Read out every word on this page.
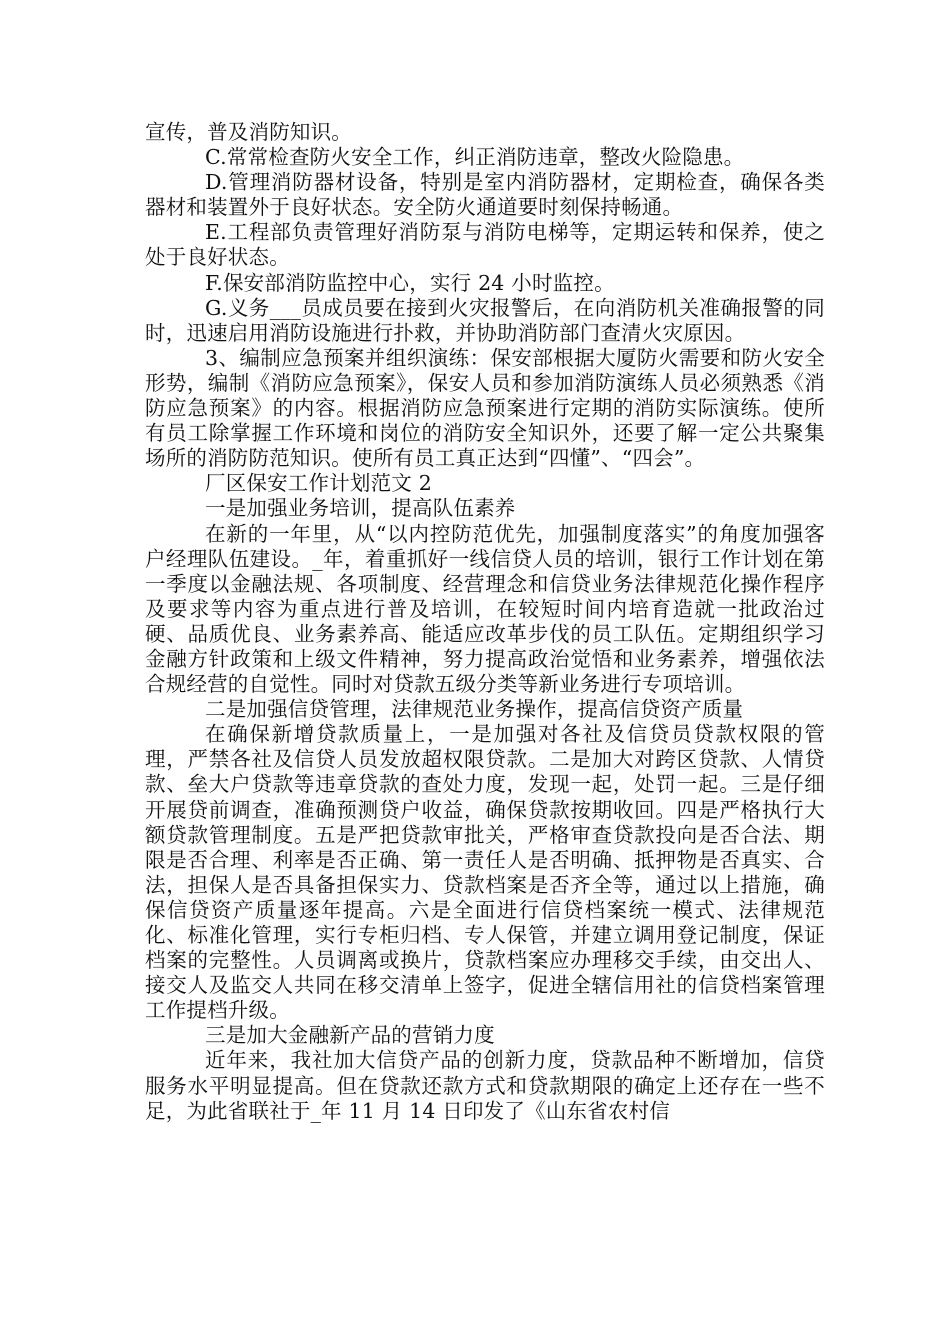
宣传，普及消防知识。

C.常常检查防火安全工作，纠正消防违章，整改火险隐患。

D.管理消防器材设备，特别是室内消防器材，定期检查，确保各类器材和装置外于良好状态。安全防火通道要时刻保持畅通。

E.工程部负责管理好消防泵与消防电梯等，定期运转和保养，使之处于良好状态。

F.保安部消防监控中心，实行 24 小时监控。

G.义务___员成员要在接到火灾报警后，在向消防机关准确报警的同时，迅速启用消防设施进行扑救，并协助消防部门查清火灾原因。

3、编制应急预案并组织演练：保安部根据大厦防火需要和防火安全形势，编制《消防应急预案》，保安人员和参加消防演练人员必须熟悉《消防应急预案》的内容。根据消防应急预案进行定期的消防实际演练。使所有员工除掌握工作环境和岗位的消防安全知识外，还要了解一定公共聚集场所的消防防范知识。使所有员工真正达到“四懂”、“四会”。

厂区保安工作计划范文 2

一是加强业务培训，提高队伍素养

在新的一年里，从“以内控防范优先，加强制度落实”的角度加强客户经理队伍建设。_年，着重抓好一线信贷人员的培训，银行工作计划在第一季度以金融法规、各项制度、经营理念和信贷业务法律规范化操作程序及要求等内容为重点进行普及培训，在较短时间内培育造就一批政治过硬、品质优良、业务素养高、能适应改革步伐的员工队伍。定期组织学习金融方针政策和上级文件精神，努力提高政治觉悟和业务素养，增强依法合规经营的自觉性。同时对贷款五级分类等新业务进行专项培训。

二是加强信贷管理，法律规范业务操作，提高信贷资产质量

在确保新增贷款质量上，一是加强对各社及信贷员贷款权限的管理，严禁各社及信贷人员发放超权限贷款。二是加大对跨区贷款、人情贷款、垒大户贷款等违章贷款的查处力度，发现一起，处罚一起。三是仔细开展贷前调查，准确预测贷户收益，确保贷款按期收回。四是严格执行大额贷款管理制度。五是严把贷款审批关，严格审查贷款投向是否合法、期限是否合理、利率是否正确、第一责任人是否明确、抵押物是否真实、合法，担保人是否具备担保实力、贷款档案是否齐全等，通过以上措施，确保信贷资产质量逐年提高。六是全面进行信贷档案统一模式、法律规范化、标准化管理，实行专柜归档、专人保管，并建立调用登记制度，保证档案的完整性。人员调离或换片，贷款档案应办理移交手续，由交出人、接交人及监交人共同在移交清单上签字，促进全辖信用社的信贷档案管理工作提档升级。

三是加大金融新产品的营销力度

近年来，我社加大信贷产品的创新力度，贷款品种不断增加，信贷服务水平明显提高。但在贷款还款方式和贷款期限的确定上还存在一些不足，为此省联社于_年 11 月 14 日印发了《山东省农村信
